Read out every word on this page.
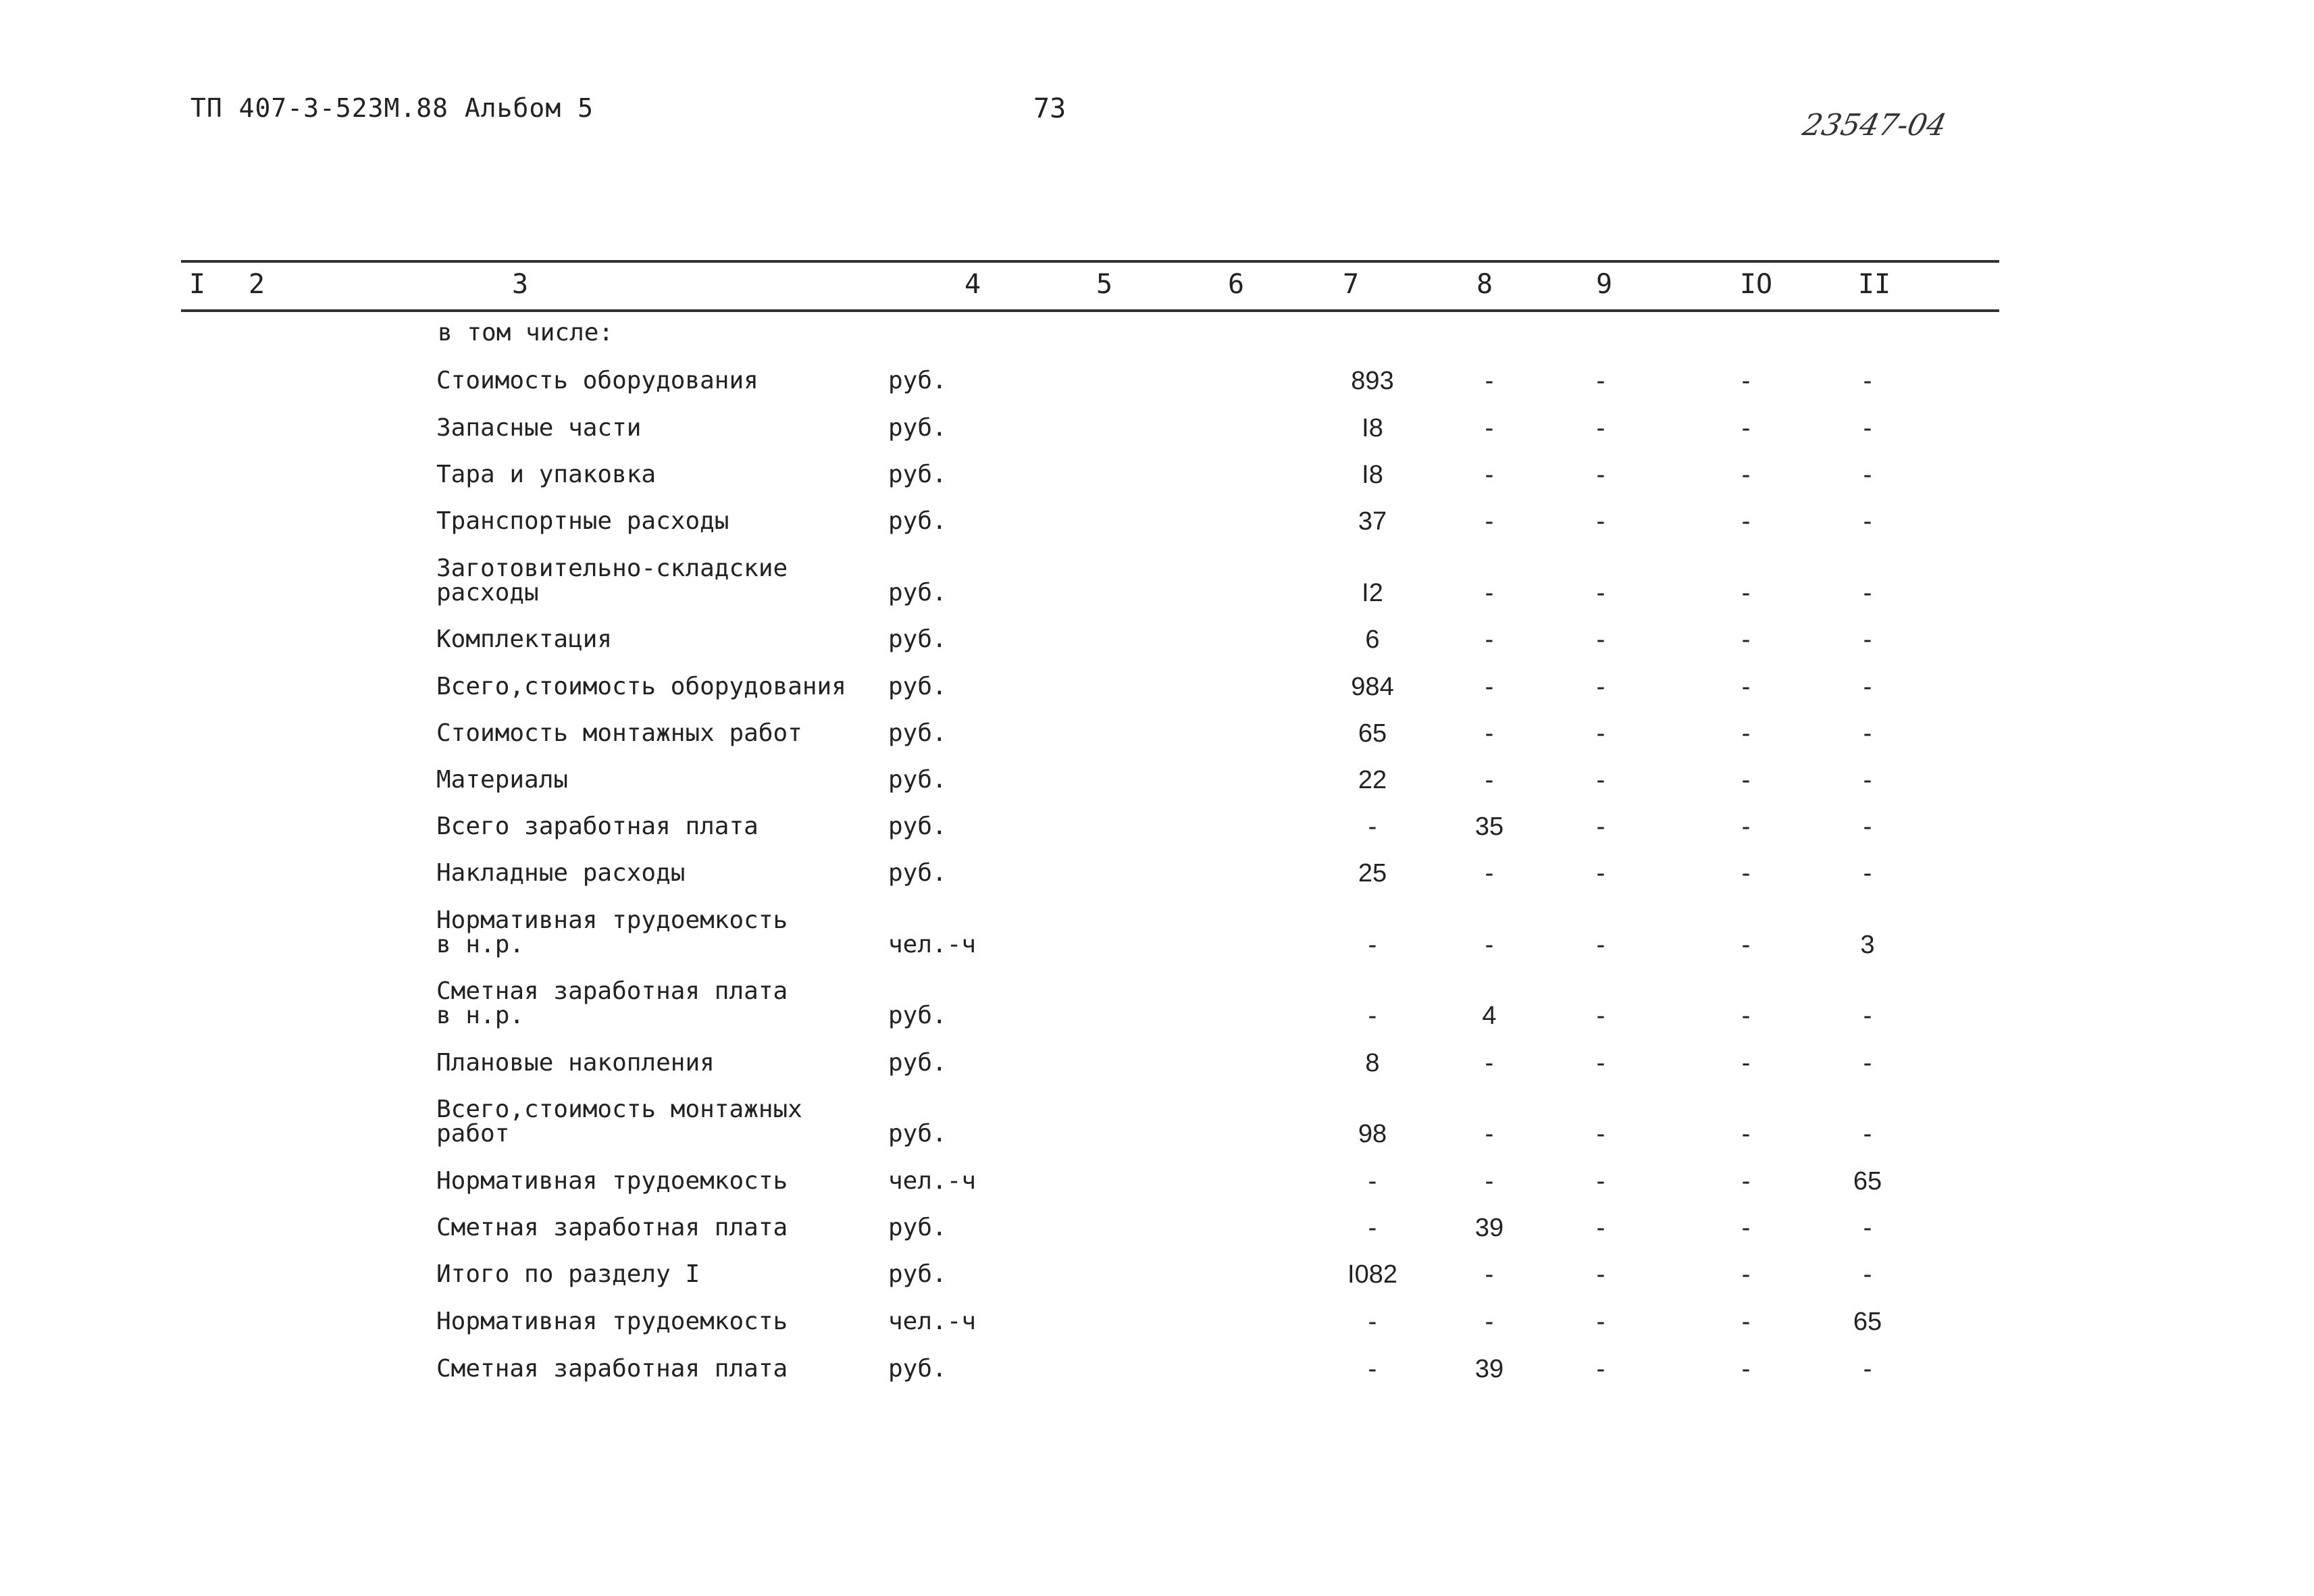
ТП 407-3-523М.88 Альбом 5	73	23547-04
I 2	3	4	5	6	7	8	9	IO	II
в том числе:
Стоимость оборудования	руб.	893	-	-	-	-
Запасные части	руб.	I8	-	-	-	-
Тара и упаковка	руб.	I8	-	-	-	-
Транспортные расходы	руб.	37	-	-	-	-
Заготовительно-складские
расходы	руб.	I2	-	-	-	-
Комплектация	руб.	6	-	-	-	-
Всего,стоимость оборудования	руб.	984	-	-	-	-
Стоимость монтажных работ	руб.	65	-	-	-	-
Материалы	руб.	22	-	-	-	-
Всего заработная плата	руб.	-	35	-	-	-
Накладные расходы	руб.	25	-	-	-	-
Нормативная трудоемкость
в н.р.	чел.-ч	-	-	-	-	3
Сметная заработная плата
в н.р.	руб.	-	4	-	-	-
Плановые накопления	руб.	8	-	-	-	-
Всего,стоимость монтажных
работ	руб.	98	-	-	-	-
Нормативная трудоемкость	чел.-ч	-	-	-	-	65
Сметная заработная плата	руб.	-	39	-	-	-
Итого по разделу I	руб.	I082	-	-	-	-
Нормативная трудоемкость	чел.-ч	-	-	-	-	65
Сметная заработная плата	руб.	-	39	-	-	-
